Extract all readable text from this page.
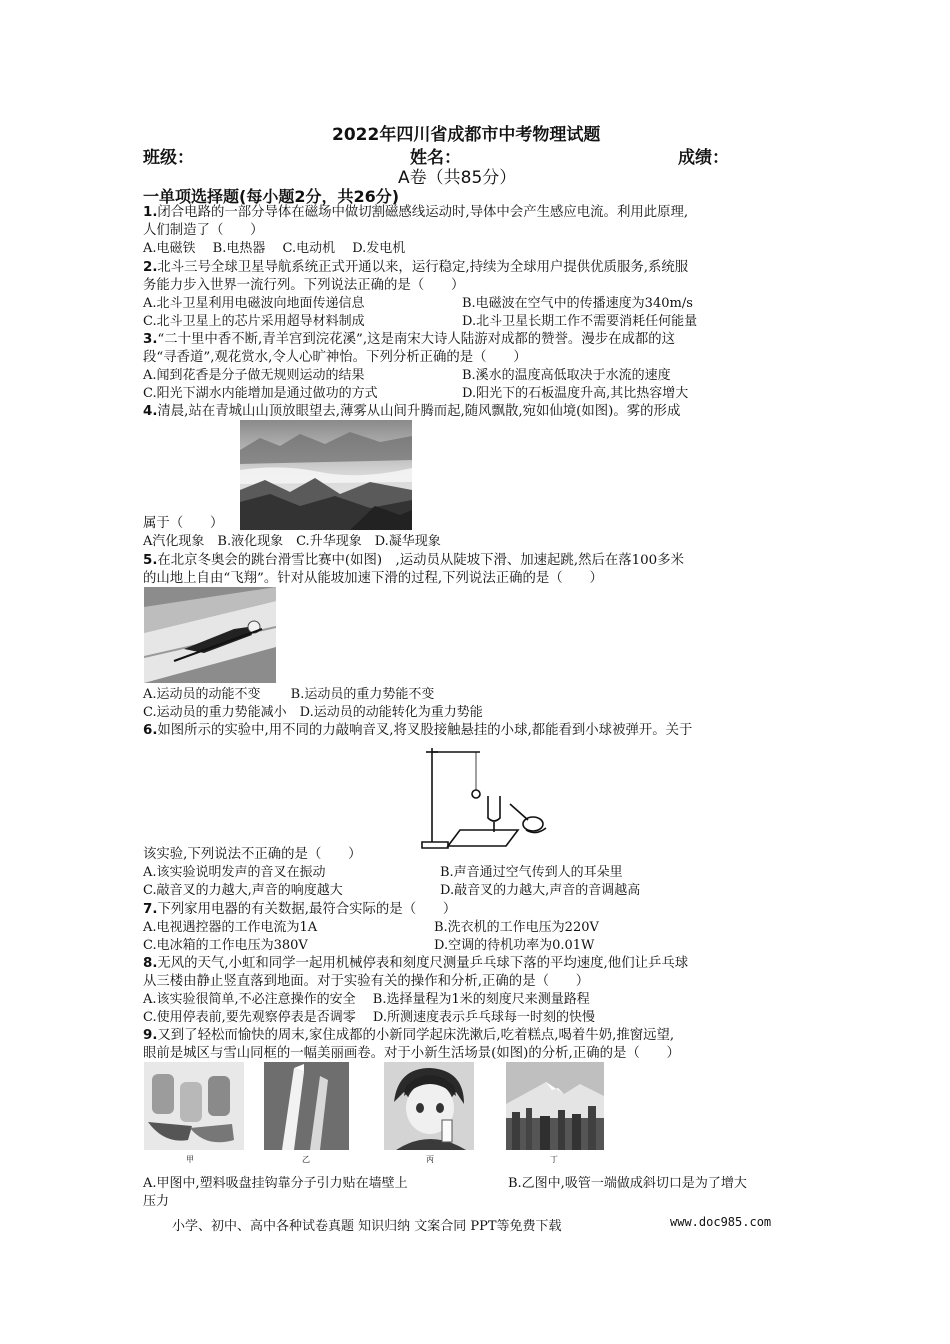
2022年四川省成都市中考物理试题
班级：	姓名：	成绩：
A卷（共85分）
一单项选择题(每小题2分，共26分)
1.闭合电路的一部分导体在磁场中做切割磁感线运动时,导体中会产生感应电流。利用此原理,
人们制造了（　　）
A.电磁铁　 B.电热器　 C.电动机　 D.发电机
2.北斗三号全球卫星导航系统正式开通以来，运行稳定,持续为全球用户提供优质服务,系统服
务能力步入世界一流行列。下列说法正确的是（　　）
A.北斗卫星利用电磁波向地面传递信息	B.电磁波在空气中的传播速度为340m/s
C.北斗卫星上的芯片采用超导材料制成	D.北斗卫星长期工作不需要消耗任何能量
3.“二十里中香不断,青羊宫到浣花溪”,这是南宋大诗人陆游对成都的赞誉。漫步在成都的这
段“寻香道”,观花赏水,令人心旷神怡。下列分析正确的是（　　）
A.闻到花香是分子做无规则运动的结果	B.溪水的温度高低取决于水流的速度
C.阳光下湖水内能增加是通过做功的方式	D.阳光下的石板温度升高,其比热容增大
4.清晨,站在青城山山顶放眼望去,薄雾从山间升腾而起,随风飘散,宛如仙境(如图)。雾的形成
属于（　　）
A汽化现象　B.液化现象　C.升华现象　D.凝华现象
5.在北京冬奥会的跳台滑雪比赛中(如图)　,运动员从陡坡下滑、加速起跳,然后在落100多米
的山地上自由“飞翔”。针对从能坡加速下滑的过程,下列说法正确的是（　　）
A.运动员的动能不变　　 B.运动员的重力势能不变
C.运动员的重力势能减小　D.运动员的动能转化为重力势能
6.如图所示的实验中,用不同的力敲响音叉,将叉股接触悬挂的小球,都能看到小球被弹开。关于
该实验,下列说法不正确的是（　　）
A.该实验说明发声的音叉在振动	B.声音通过空气传到人的耳朵里
C.敲音叉的力越大,声音的响度越大	D.敲音叉的力越大,声音的音调越高
7.下列家用电器的有关数据,最符合实际的是（　　）
A.电视遇控器的工作电流为1A	B.洗衣机的工作电压为220V
C.电冰箱的工作电压为380V	D.空调的待机功率为0.01W
8.无风的天气,小虹和同学一起用机械停表和刻度尺测量乒乓球下落的平均速度,他们让乒乓球
从三楼由静止竖直落到地面。对于实验有关的操作和分析,正确的是（　　）
A.该实验很简单,不必注意操作的安全　 B.选择量程为1米的刻度尺来测量路程
C.使用停表前,要先观察停表是否调零　 D.所测速度表示乒乓球每一时刻的快慢
9.又到了轻松而愉快的周末,家住成都的小新同学起床洗漱后,吃着糕点,喝着牛奶,推窗远望,
眼前是城区与雪山同框的一幅美丽画卷。对于小新生活场景(如图)的分析,正确的是（　　）
甲	乙	丙	丁
A.甲图中,塑料吸盘挂钩靠分子引力贴在墙壁上	B.乙图中,吸管一端做成斜切口是为了增大
压力
小学、初中、高中各种试卷真题 知识归纳 文案合同 PPT等免费下载	www.doc985.com
